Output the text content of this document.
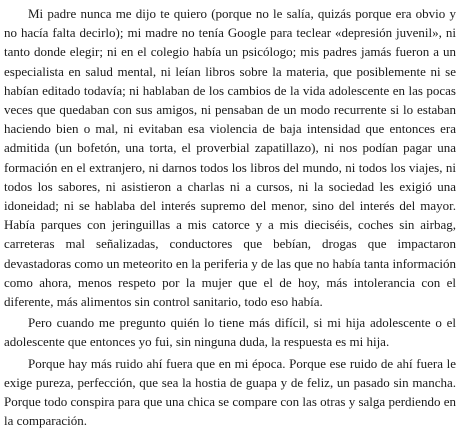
Mi padre nunca me dijo te quiero (porque no le salía, quizás porque era obvio y no hacía falta decirlo); mi madre no tenía Google para teclear «depresión juvenil», ni tanto donde elegir; ni en el colegio había un psicólogo; mis padres jamás fueron a un especialista en salud mental, ni leían libros sobre la materia, que posiblemente ni se habían editado todavía; ni hablaban de los cambios de la vida adolescente en las pocas veces que quedaban con sus amigos, ni pensaban de un modo recurrente si lo estaban haciendo bien o mal, ni evitaban esa violencia de baja intensidad que entonces era admitida (un bofetón, una torta, el proverbial zapatillazo), ni nos podían pagar una formación en el extranjero, ni darnos todos los libros del mundo, ni todos los viajes, ni todos los sabores, ni asistieron a charlas ni a cursos, ni la sociedad les exigió una idoneidad; ni se hablaba del interés supremo del menor, sino del interés del mayor. Había parques con jeringuillas a mis catorce y a mis dieciséis, coches sin airbag, carreteras mal señalizadas, conductores que bebían, drogas que impactaron devastadoras como un meteorito en la periferia y de las que no había tanta información como ahora, menos respeto por la mujer que el de hoy, más intolerancia con el diferente, más alimentos sin control sanitario, todo eso había.

Pero cuando me pregunto quién lo tiene más difícil, si mi hija adolescente o el adolescente que entonces yo fui, sin ninguna duda, la respuesta es mi hija.

Porque hay más ruido ahí fuera que en mi época. Porque ese ruido de ahí fuera le exige pureza, perfección, que sea la hostia de guapa y de feliz, un pasado sin mancha. Porque todo conspira para que una chica se compare con las otras y salga perdiendo en la comparación.
